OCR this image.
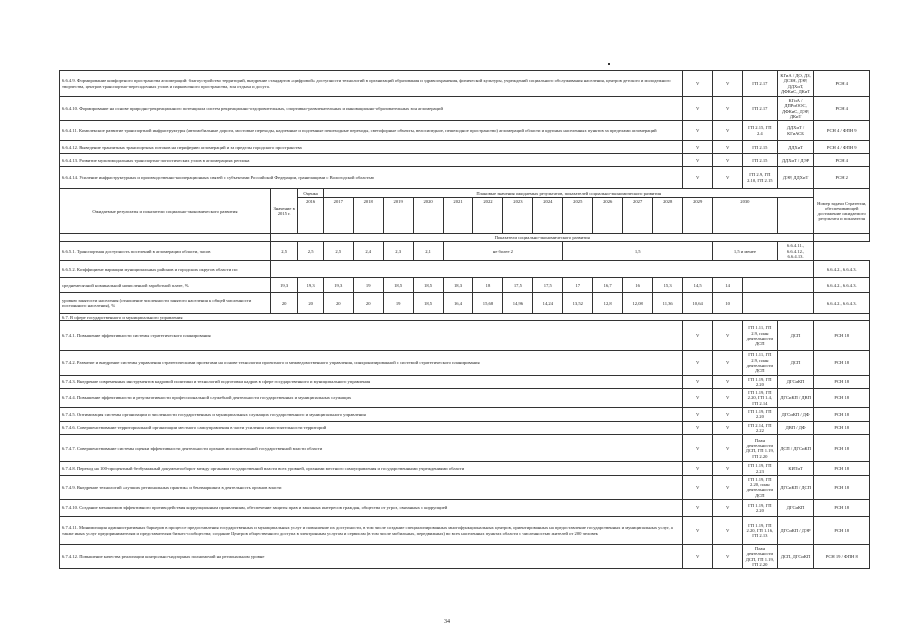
6.6.4.9. Формирование комфортного пространства агломераций: благоустройство территорий, внедрение стандартов «цифровой» доступности технологий в организаций образования и здравоохранения, физической культуры, учреждений социального обслуживания населения, центров детского и молодежного творчества, центров транспортно-пересадочных узлов и парковочного пространства, зон отдыха и досуга.															V	V	ГП 2.17	КГиА / ДО, ДЗ, ДСЗН, ДЭР, ДДХиТ, ДФКиС, ДКиТ	РСН 4
6.6.4.10. Формирование на основе природно-рекреационного потенциала систем рекреационно-оздоровительных, спортивно-развлекательных и инновационно-образовательных зон агломераций															V	V	ГП 2.17	КГиА / ДПРиООС, ДФКиС, ДЭР, ДКиТ	РСН 4
6.6.4.11. Комплексное развитие транспортной инфраструктуры (автомобильные дороги, мостовые переходы, надземные и подземные пешеходные переходы, светофорные объекты, велосипедное, пешеходное пространство) агломераций области и крупных населенных пунктов за пределами агломераций															V	V	ГП 2.15, ГП 2.4	ДДХиТ / КГиАСБ	РСН 4 / ФПН 9
6.6.4.12. Выведение транзитных транспортных потоков на периферию агломераций и за пределы городского пространства															V	V	ГП 2.15	ДДХиТ	РСН 4 / ФПН 9
6.6.4.13. Развитие мультимодальных транспортно-логистических узлов в агломерациях региона															V	V	ГП 2.15	ДДХиТ / ДЭР	РСН 4
6.6.4.14. Усиление инфраструктурных и производственно-кооперационных связей с субъектами Российской Федерации, граничащими с Вологодской областью															V	V	ГП 2.9, ГП 2.10, ГП 2.15	ДЭР, ДДХиТ	РСН 2
Ожидаемые результаты и показатели социально-экономического развития	Значение в 2015 г.	Оценка	Плановые значения ожидаемых результатов, показателей социально-экономического развития																Номер задачи Стратегии, обеспечивающей достижение ожидаемого результата и показателя
		2016	2017	2018	2019	2020	2021	2022	2023	2024	2025	2026	2027	2028	2029	2030			
	Показатели социально-экономического развития																		
6.6.5.1. Транспортная доступность поселений в агломерации области, часов	2,5	2,5	2,5	2,4	2,3	2,1	не более 2				1,5					1,5 и менее		6.6.4.11., 6.6.4.12., 6.6.4.13.	
6.6.5.2. Коэффициент вариации муниципальных районов и городских округов области по:																			6.6.4.2., 6.6.4.3.
среднемесячной номинальной начисленной заработной плате, %	19,3	19,3	19,3	19	18,5	18,5	18,3	18	17,5	17,5	17	16,7	16	15,3	14,5	14			6.6.4.2., 6.6.4.3.
уровню занятости населения (отношение численности занятого населения к общей численности постоянного населения), %	20	20	20	20	19	18,5	16,4	15,68	14,96	14,24	13,52	12,8	12,08	11,36	10,64	10			6.6.4.2., 6.6.4.3.
6.7. В сфере государственного и муниципального управления																			
6.7.4.1. Повышение эффективности системы стратегического планирования															V	V	ГП 1.11, ГП 2.9, план деятельности ДСП	ДСП	РСН 18
6.7.4.2. Развитие и внедрение системы управления стратегическими проектами на основе технологии проектного и межведомственного управления, синхронизированной с системой стратегического планирования															V	V	ГП 1.11, ГП 2.9, план деятельности ДСП	ДСП	РСН 18
6.7.4.3. Внедрение современных инструментов кадровой политики и технологий подготовки кадров в сфере государственного и муниципального управления															V	V	ГП 1.19, ГП 2.20	ДГСиКП	РСН 18
6.7.4.4. Повышение эффективности и результативности профессиональной служебной деятельности государственных и муниципальных служащих															V	V	ГП 1.19, ГП 2.20, ГП 1.4, ГП 2.14	ДГСиКП / ДВП	РСН 18
6.7.4.5. Оптимизация системы организации и численности государственных и муниципальных служащих государственного и муниципального управления															V	V	ГП 1.19, ГП 2.20	ДГСиКП / ДФ	РСН 18
6.7.4.6. Совершенствование территориальной организации местного самоуправления в части усиления самостоятельности территорий															V	V	ГП 2.14, ГП 2.22	ДВП / ДФ	РСН 18
6.7.4.7. Совершенствование системы оценки эффективности деятельности органов исполнительной государственной власти области															V	V	План деятельности ДСП, ГП 1.19, ГП 2.20	ДСП / ДГСиКП	РСН 18
6.7.4.8. Переход на 100-процентный безбумажный документооборот между органами государственной власти всех уровней, органами местного самоуправления и государственными учреждениями области															V	V	ГП 1.19, ГП 2.23	КИТиТ	РСН 18
6.7.4.9. Внедрение технологий «лучших региональных практик» и бенчмаркинга в деятельность органов власти															V	V	ГП 1.19, ГП 2.20, план деятельности ДСП	ДГСиКП / ДСП	РСН 18
6.7.4.10. Создание механизмов эффективного противодействия коррупционным проявлениям, обеспечение защиты прав и законных интересов граждан, общества от угроз, связанных с коррупцией															V	V	ГП 1.19, ГП 2.20	ДГСиКП	РСН 18
6.7.4.11. Минимизация административных барьеров в процессе предоставления государственных и муниципальных услуг и повышение их доступности, в том числе создание специализированных многофункциональных центров, ориентированных на предоставление государственных и муниципальных услуг, а также иных услуг предпринимателям и представителям бизнес-сообщества; создание Центров общественного доступа в электронным услугам и сервисам (в том числе мобильных, передвижных) во всех населенных пунктах области с численностью жителей от 200 человек															V	V	ГП 1.19, ГП 2.20, ГП 1.16, ГП 2.13	ДГСиКП / ДЭР	РСН 18
6.7.4.12. Повышение качества реализации контрольно-надзорных полномочий на региональном уровне															V	V	План деятельности ДСП, ГП 1.19, ГП 2.20	ДСП, ДГСиКП	РСН 19 / ФПН 8
34
